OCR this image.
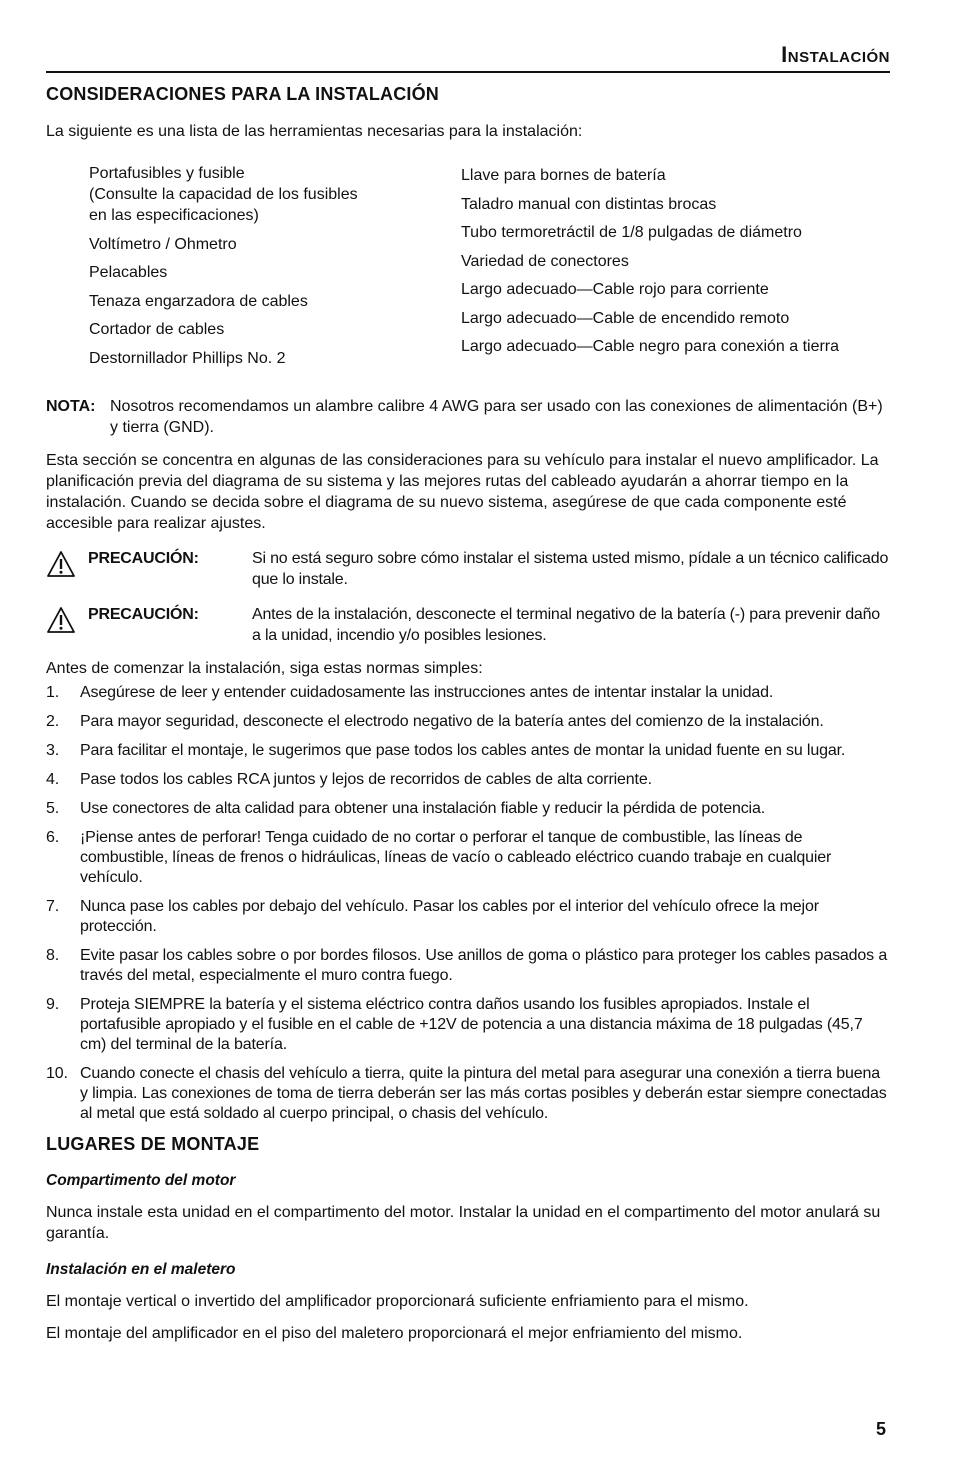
Instalación
CONSIDERACIONES PARA LA INSTALACIÓN

La siguiente es una lista de las herramientas necesarias para la instalación:

Portafusibles y fusible
(Consulte la capacidad de los fusibles
en las especificaciones)
Voltímetro / Ohmetro
Pelacables
Tenaza engarzadora de cables
Cortador de cables
Destornillador Phillips No. 2
Llave para bornes de batería
Taladro manual con distintas brocas
Tubo termoretráctil de 1/8 pulgadas de diámetro
Variedad de conectores
Largo adecuado—Cable rojo para corriente
Largo adecuado—Cable de encendido remoto
Largo adecuado—Cable negro para conexión a tierra
NOTA: Nosotros recomendamos un alambre calibre 4 AWG para ser usado con las conexiones de alimentación (B+) y tierra (GND).

Esta sección se concentra en algunas de las consideraciones para su vehículo para instalar el nuevo amplificador. La planificación previa del diagrama de su sistema y las mejores rutas del cableado ayudarán a ahorrar tiempo en la instalación. Cuando se decida sobre el diagrama de su nuevo sistema, asegúrese de que cada componente esté accesible para realizar ajustes.

PRECAUCIÓN:	Si no está seguro sobre cómo instalar el sistema usted mismo, pídale a un técnico calificado que lo instale.
PRECAUCIÓN:	Antes de la instalación, desconecte el terminal negativo de la batería (-) para prevenir daño a la unidad, incendio y/o posibles lesiones.

Antes de comenzar la instalación, siga estas normas simples:

1.	Asegúrese de leer y entender cuidadosamente las instrucciones antes de intentar instalar la unidad.
2.	Para mayor seguridad, desconecte el electrodo negativo de la batería antes del comienzo de la instalación.
3.	Para facilitar el montaje, le sugerimos que pase todos los cables antes de montar la unidad fuente en su lugar.
4.	Pase todos los cables RCA juntos y lejos de recorridos de cables de alta corriente.
5.	Use conectores de alta calidad para obtener una instalación fiable y reducir la pérdida de potencia.
6.	¡Piense antes de perforar! Tenga cuidado de no cortar o perforar el tanque de combustible, las líneas de combustible, líneas de frenos o hidráulicas, líneas de vacío o cableado eléctrico cuando trabaje en cualquier vehículo.
7.	Nunca pase los cables por debajo del vehículo. Pasar los cables por el interior del vehículo ofrece la mejor protección.
8.	Evite pasar los cables sobre o por bordes filosos. Use anillos de goma o plástico para proteger los cables pasados a través del metal, especialmente el muro contra fuego.
9.	Proteja SIEMPRE la batería y el sistema eléctrico contra daños usando los fusibles apropiados. Instale el portafusible apropiado y el fusible en el cable de +12V de potencia a una distancia máxima de 18 pulgadas (45,7 cm) del terminal de la batería.
10. Cuando conecte el chasis del vehículo a tierra, quite la pintura del metal para asegurar una conexión a tierra buena y limpia. Las conexiones de toma de tierra deberán ser las más cortas posibles y deberán estar siempre conectadas al metal que está soldado al cuerpo principal, o chasis del vehículo.
LUGARES DE MONTAJE

Compartimento del motor

Nunca instale esta unidad en el compartimento del motor. Instalar la unidad en el compartimento del motor anulará su garantía.

Instalación en el maletero

El montaje vertical o invertido del amplificador proporcionará suficiente enfriamiento para el mismo.

El montaje del amplificador en el piso del maletero proporcionará el mejor enfriamiento del mismo.

5
